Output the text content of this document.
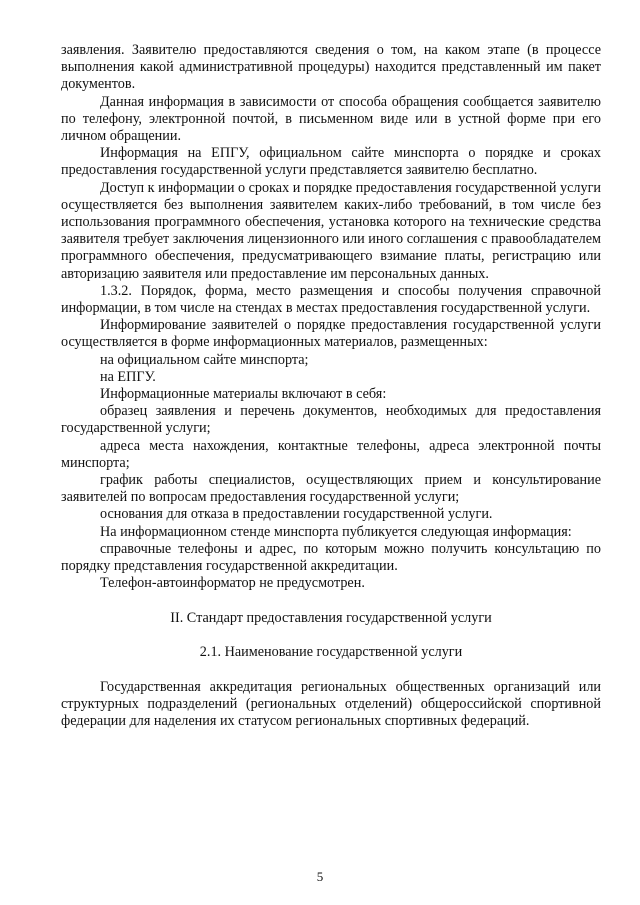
заявления. Заявителю предоставляются сведения о том, на каком этапе (в процессе выполнения какой административной процедуры) находится представленный им пакет документов.

Данная информация в зависимости от способа обращения сообщается заявителю по телефону, электронной почтой, в письменном виде или в устной форме при его личном обращении.

Информация на ЕПГУ, официальном сайте минспорта о порядке и сроках предоставления государственной услуги представляется заявителю бесплатно.

Доступ к информации о сроках и порядке предоставления государственной услуги осуществляется без выполнения заявителем каких-либо требований, в том числе без использования программного обеспечения, установка которого на технические средства заявителя требует заключения лицензионного или иного соглашения с правообладателем программного обеспечения, предусматривающего взимание платы, регистрацию или авторизацию заявителя или предоставление им персональных данных.

1.3.2. Порядок, форма, место размещения и способы получения справочной информации, в том числе на стендах в местах предоставления государственной услуги.

Информирование заявителей о порядке предоставления государственной услуги осуществляется в форме информационных материалов, размещенных:

на официальном сайте минспорта;

на ЕПГУ.

Информационные материалы включают в себя:

образец заявления и перечень документов, необходимых для предоставления государственной услуги;

адреса места нахождения, контактные телефоны, адреса электронной почты минспорта;

график работы специалистов, осуществляющих прием и консультирование заявителей по вопросам предоставления государственной услуги;

основания для отказа в предоставлении государственной услуги.

На информационном стенде минспорта публикуется следующая информация:

справочные телефоны и адрес, по которым можно получить консультацию по порядку представления государственной аккредитации.

Телефон-автоинформатор не предусмотрен.

II. Стандарт предоставления государственной услуги

2.1. Наименование государственной услуги

Государственная аккредитация региональных общественных организаций или структурных подразделений (региональных отделений) общероссийской спортивной федерации для наделения их статусом региональных спортивных федераций.

5
